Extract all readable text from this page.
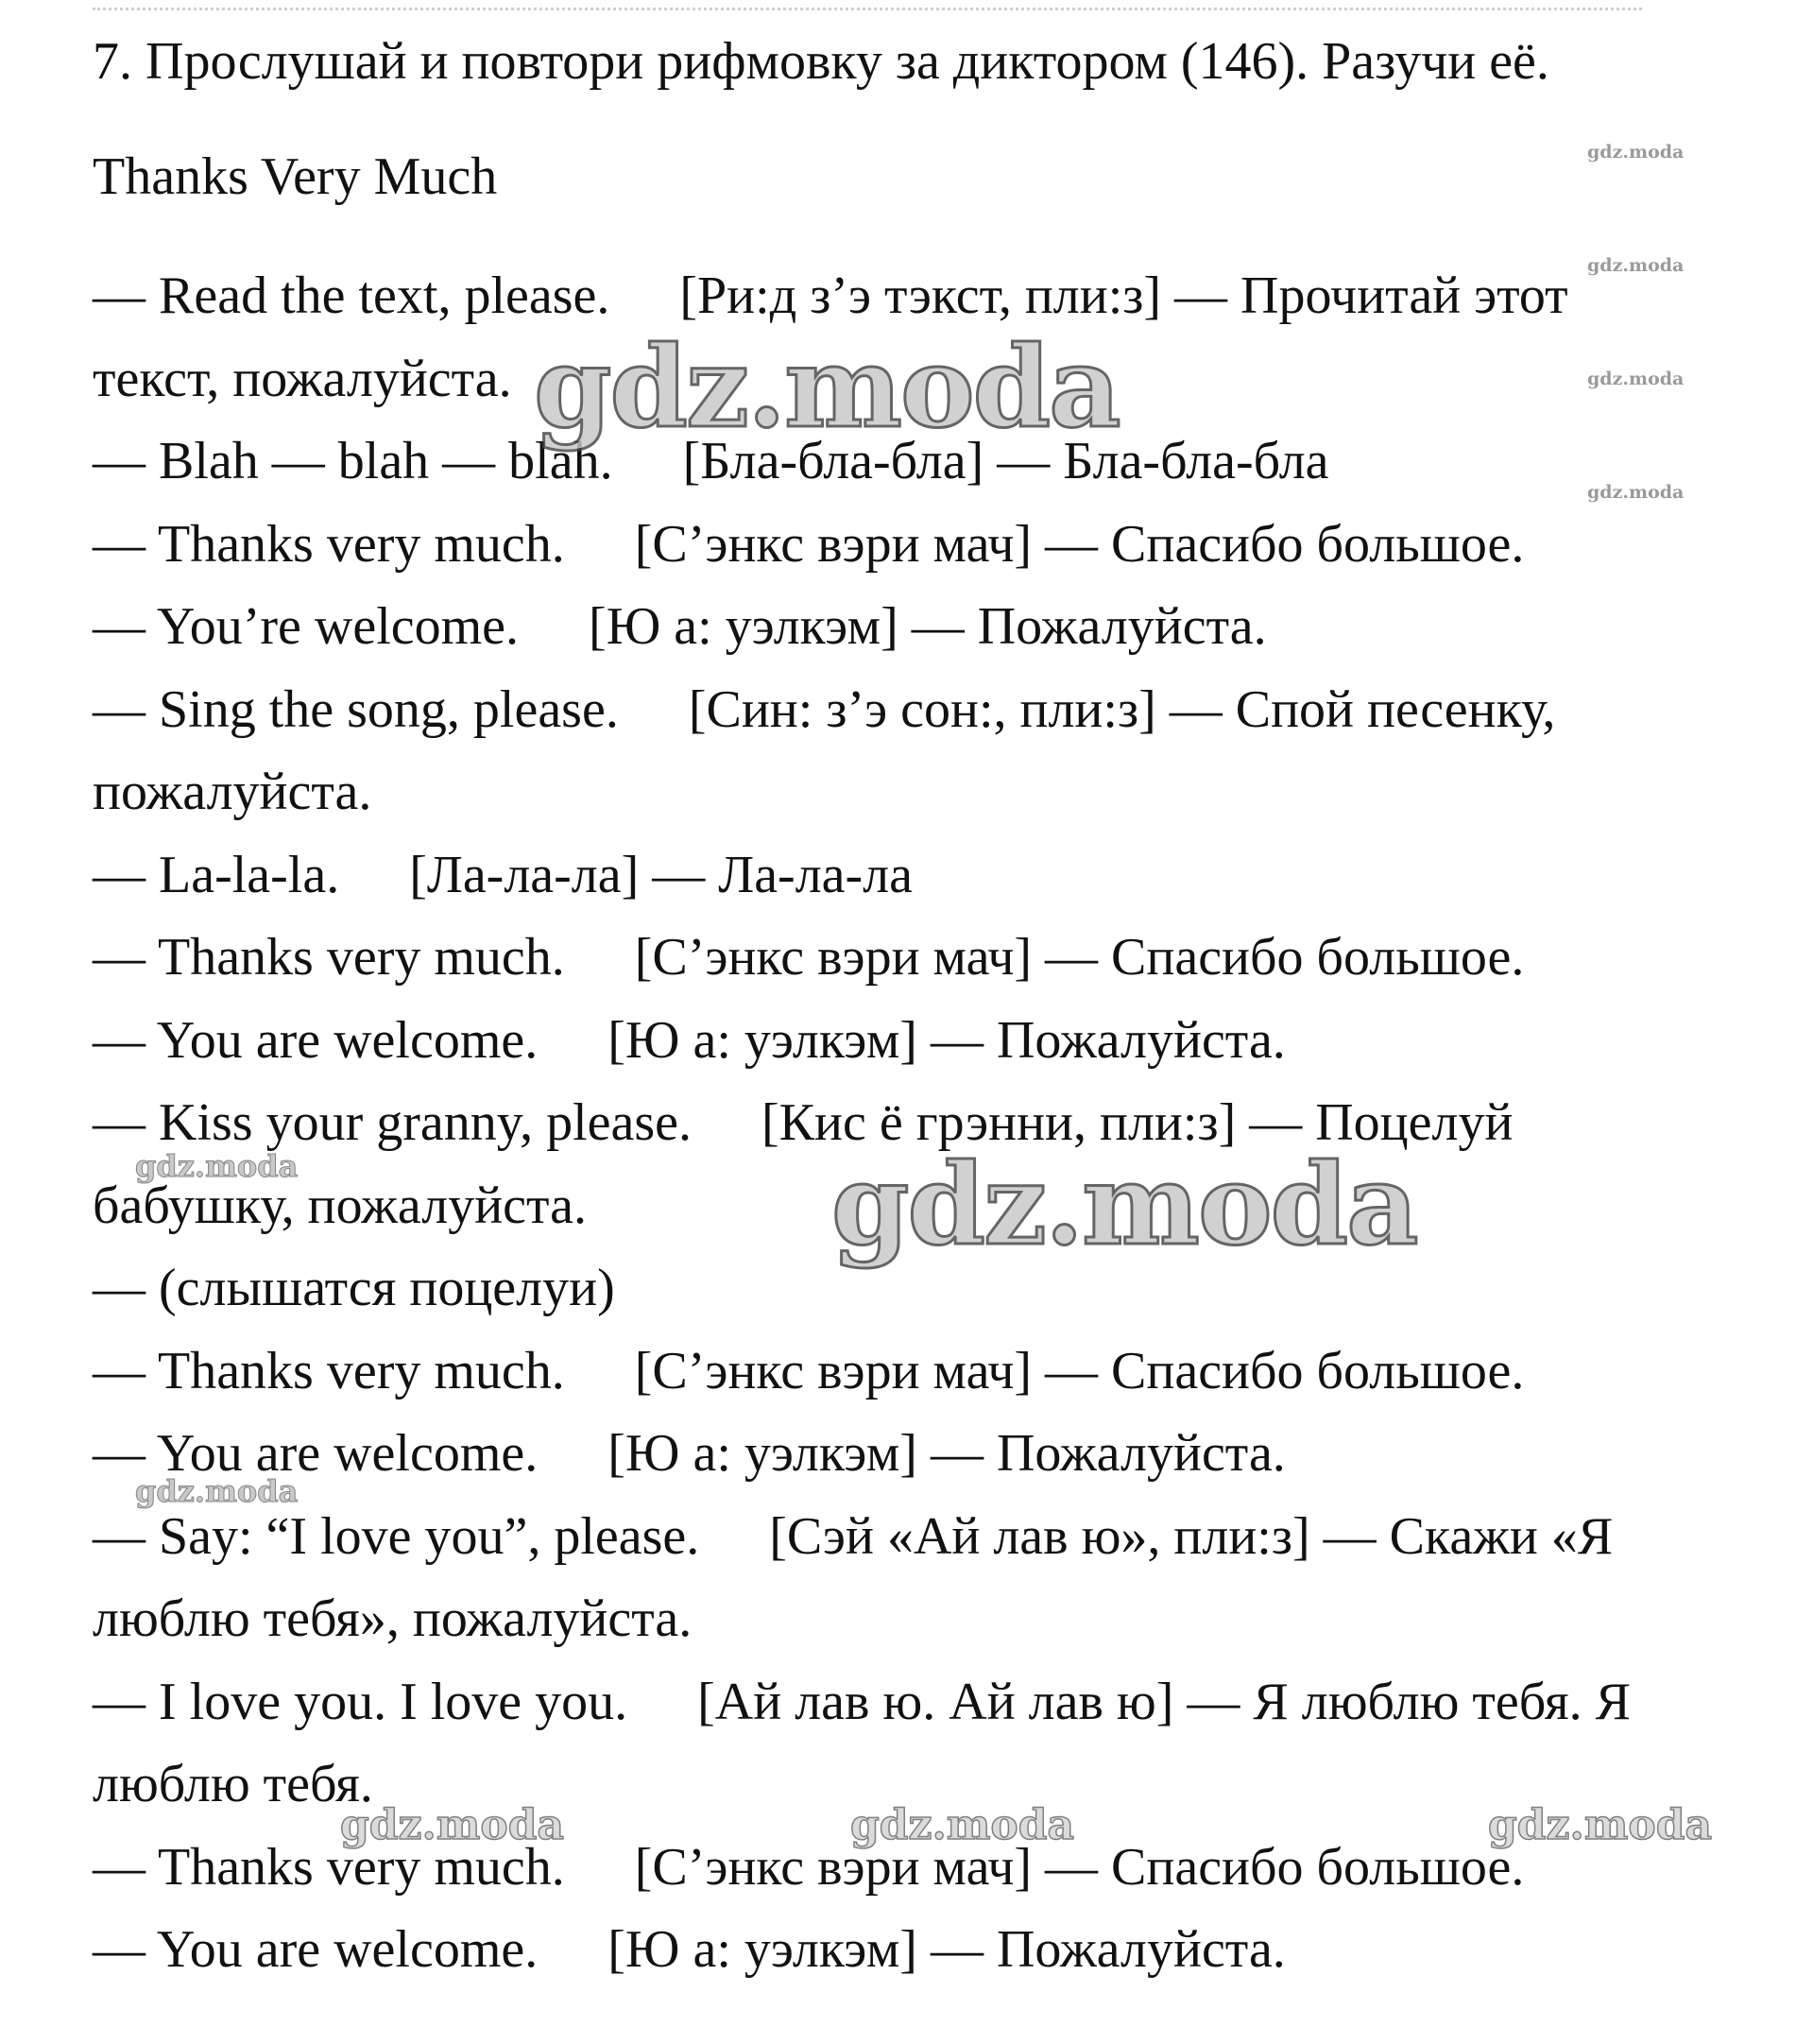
7. Прослушай и повтори рифмовку за диктором (146). Разучи её.
Thanks Very Much
— Read the text, please. [Ри:д з’э тэкст, пли:з] — Прочитай этот
текст, пожалуйста.
— Blah — blah — blah. [Бла-бла-бла] — Бла-бла-бла
— Thanks very much. [С’энкс вэри мач] — Спасибо большое.
— You’re welcome. [Ю а: уэлкэм] — Пожалуйста.
— Sing the song, please. [Син: з’э сон:, пли:з] — Спой песенку,
пожалуйста.
— La-la-la. [Ла-ла-ла] — Ла-ла-ла
— Thanks very much. [С’энкс вэри мач] — Спасибо большое.
— You are welcome. [Ю а: уэлкэм] — Пожалуйста.
— Kiss your granny, please. [Кис ё грэнни, пли:з] — Поцелуй
бабушку, пожалуйста.
— (слышатся поцелуи)
— Thanks very much. [С’энкс вэри мач] — Спасибо большое.
— You are welcome. [Ю а: уэлкэм] — Пожалуйста.
— Say: “I love you”, please. [Сэй «Ай лав ю», пли:з] — Скажи «Я
люблю тебя», пожалуйста.
— I love you. I love you. [Ай лав ю. Ай лав ю] — Я люблю тебя. Я
люблю тебя.
— Thanks very much. [С’энкс вэри мач] — Спасибо большое.
— You are welcome. [Ю а: уэлкэм] — Пожалуйста.
gdz.moda
gdz.moda
gdz.moda
gdz.moda
gdz.moda
gdz.moda
gdz.moda
gdz.moda
gdz.moda	gdz.moda	gdz.moda
